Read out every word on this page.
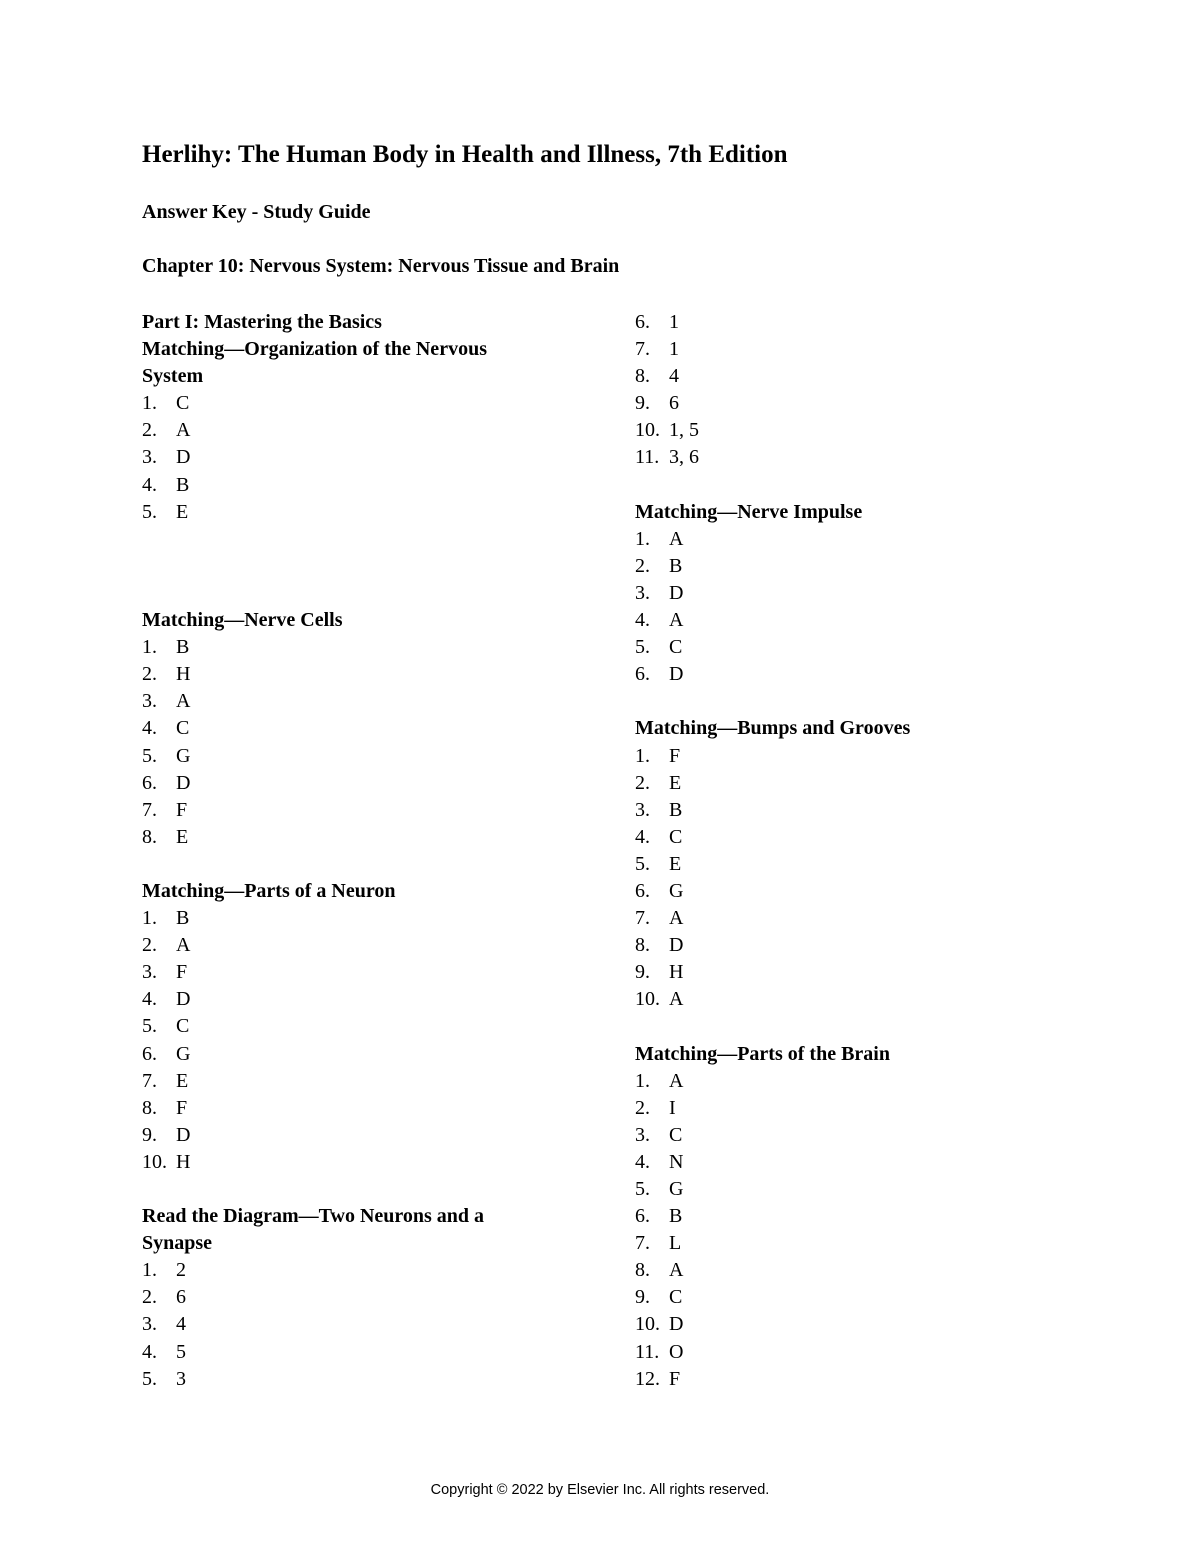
Herlihy: The Human Body in Health and Illness, 7th Edition
Answer Key - Study Guide
Chapter 10: Nervous System: Nervous Tissue and Brain
Part I: Mastering the Basics
Matching—Organization of the Nervous
System
1. C
2. A
3. D
4. B
5. E
Matching—Nerve Cells
1. B
2. H
3. A
4. C
5. G
6. D
7. F
8. E
Matching—Parts of a Neuron
1. B
2. A
3. F
4. D
5. C
6. G
7. E
8. F
9. D
10. H
Read the Diagram—Two Neurons and a
Synapse
1. 2
2. 6
3. 4
4. 5
5. 3
6. 1
7. 1
8. 4
9. 6
10. 1, 5
11. 3, 6
Matching—Nerve Impulse
1. A
2. B
3. D
4. A
5. C
6. D
Matching—Bumps and Grooves
1. F
2. E
3. B
4. C
5. E
6. G
7. A
8. D
9. H
10. A
Matching—Parts of the Brain
1. A
2. I
3. C
4. N
5. G
6. B
7. L
8. A
9. C
10. D
11. O
12. F
Copyright © 2022 by Elsevier Inc. All rights reserved.
